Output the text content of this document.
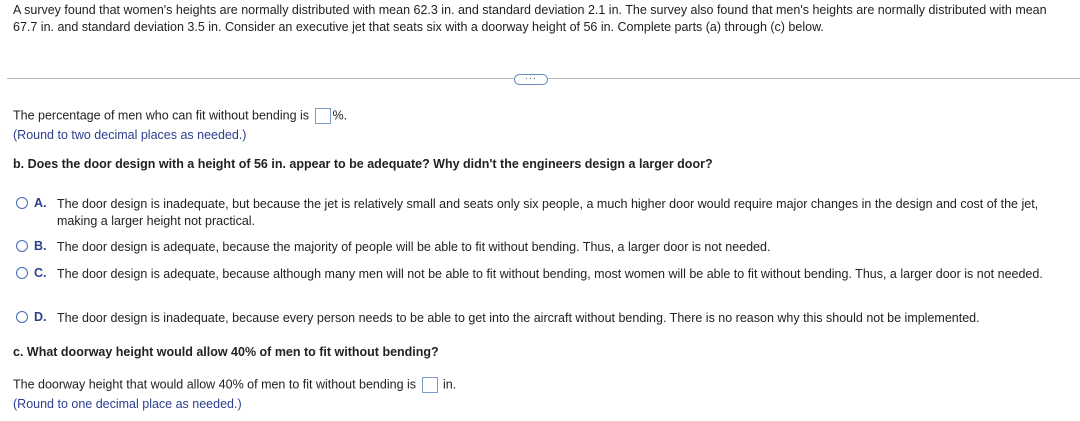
A survey found that women's heights are normally distributed with mean 62.3 in. and standard deviation 2.1 in. The survey also found that men's heights are normally distributed with mean 67.7 in. and standard deviation 3.5 in. Consider an executive jet that seats six with a doorway height of 56 in. Complete parts (a) through (c) below.
···
The percentage of men who can fit without bending is %.
(Round to two decimal places as needed.)
b. Does the door design with a height of 56 in. appear to be adequate? Why didn't the engineers design a larger door?
A. The door design is inadequate, but because the jet is relatively small and seats only six people, a much higher door would require major changes in the design and cost of the jet, making a larger height not practical.
B. The door design is adequate, because the majority of people will be able to fit without bending. Thus, a larger door is not needed.
C. The door design is adequate, because although many men will not be able to fit without bending, most women will be able to fit without bending. Thus, a larger door is not needed.
D. The door design is inadequate, because every person needs to be able to get into the aircraft without bending. There is no reason why this should not be implemented.
c. What doorway height would allow 40% of men to fit without bending?
The doorway height that would allow 40% of men to fit without bending is in.
(Round to one decimal place as needed.)
